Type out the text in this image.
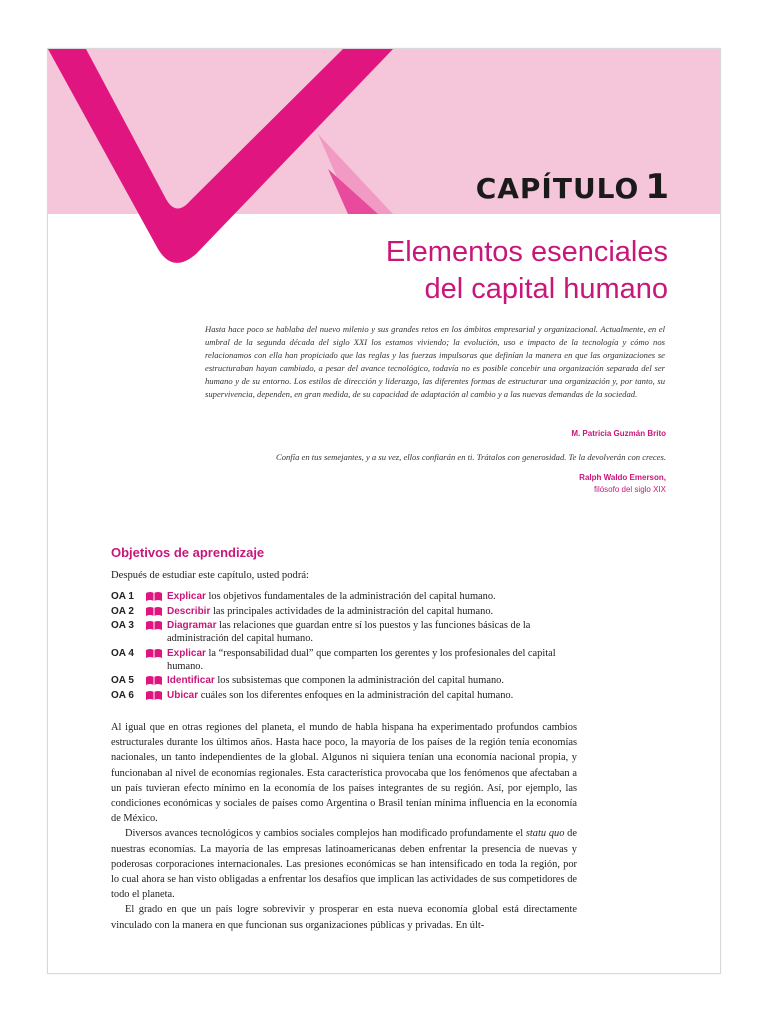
CAPÍTULO 1
Elementos esenciales
del capital humano
Hasta hace poco se hablaba del nuevo milenio y sus grandes retos en los ámbitos empresarial y organizacional. Actualmente, en el umbral de la segunda década del siglo XXI los estamos viviendo; la evolución, uso e impacto de la tecnología y cómo nos relacionamos con ella han propiciado que las reglas y las fuerzas impulsoras que definían la manera en que las organizaciones se estructuraban hayan cambiado, a pesar del avance tecnológico, todavía no es posible concebir una organización separada del ser humano y de su entorno. Los estilos de dirección y liderazgo, las diferentes formas de estructurar una organización y, por tanto, su supervivencia, dependen, en gran medida, de su capacidad de adaptación al cambio y a las nuevas demandas de la sociedad.
M. Patricia Guzmán Brito
Confía en tus semejantes, y a su vez, ellos confiarán en ti. Trátalos con generosidad. Te la devolverán con creces.
Ralph Waldo Emerson,
filósofo del siglo XIX
Objetivos de aprendizaje
Después de estudiar este capítulo, usted podrá:
OA 1	Explicar los objetivos fundamentales de la administración del capital humano.
OA 2	Describir las principales actividades de la administración del capital humano.
OA 3	Diagramar las relaciones que guardan entre sí los puestos y las funciones básicas de la administración del capital humano.
OA 4	Explicar la “responsabilidad dual” que comparten los gerentes y los profesionales del capital humano.
OA 5	Identificar los subsistemas que componen la administración del capital humano.
OA 6	Ubicar cuáles son los diferentes enfoques en la administración del capital humano.

Al igual que en otras regiones del planeta, el mundo de habla hispana ha experimentado profundos cambios estructurales durante los últimos años. Hasta hace poco, la mayoría de los países de la región tenía economías nacionales, un tanto independientes de la global. Algunos ni siquiera tenían una economía nacional propia, y funcionaban al nivel de economías regionales. Esta característica provocaba que los fenómenos que afectaban a un país tuvieran efecto mínimo en la economía de los países integrantes de su región. Así, por ejemplo, las condiciones económicas y sociales de países como Argentina o Brasil tenían mínima influencia en la economía de México.

Diversos avances tecnológicos y cambios sociales complejos han modificado profundamente el statu quo de nuestras economías. La mayoría de las empresas latinoamericanas deben enfrentar la presencia de nuevas y poderosas corporaciones internacionales. Las presiones económicas se han intensificado en toda la región, por lo cual ahora se han visto obligadas a enfrentar los desafíos que implican las actividades de sus competidores de todo el planeta.

El grado en que un país logre sobrevivir y prosperar en esta nueva economía global está directamente vinculado con la manera en que funcionan sus organizaciones públicas y privadas. En últ-
